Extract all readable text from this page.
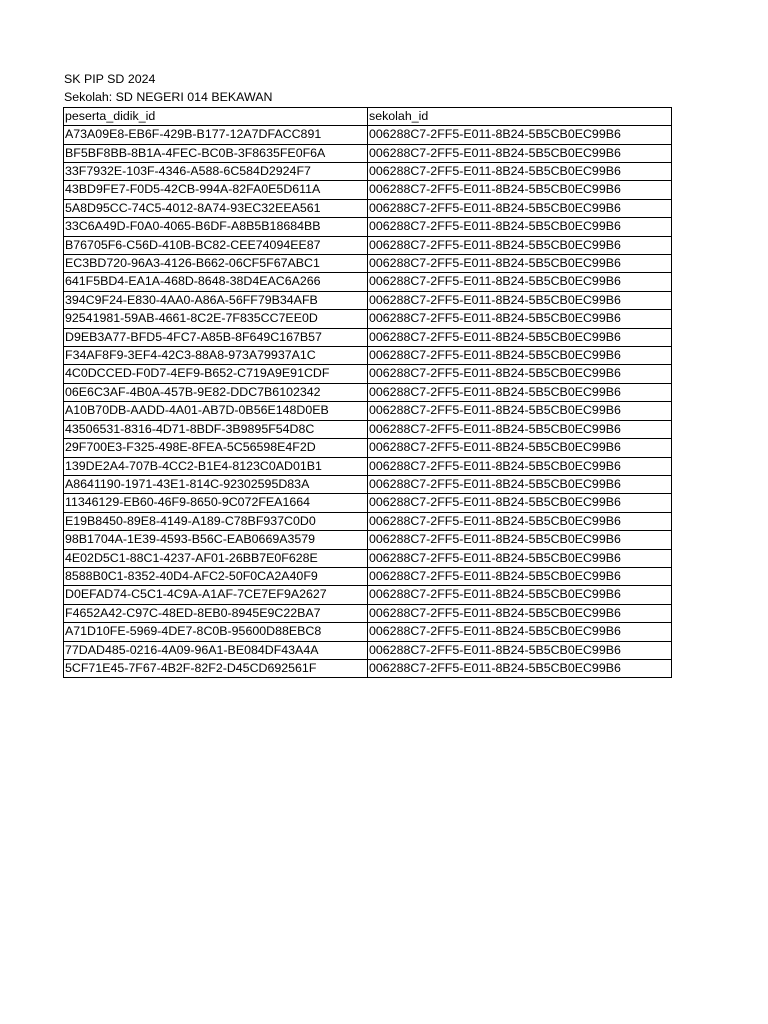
SK PIP SD 2024
Sekolah: SD NEGERI 014 BEKAWAN
peserta_didik_id	sekolah_id
A73A09E8-EB6F-429B-B177-12A7DFACC891	006288C7-2FF5-E011-8B24-5B5CB0EC99B6
BF5BF8BB-8B1A-4FEC-BC0B-3F8635FE0F6A	006288C7-2FF5-E011-8B24-5B5CB0EC99B6
33F7932E-103F-4346-A588-6C584D2924F7	006288C7-2FF5-E011-8B24-5B5CB0EC99B6
43BD9FE7-F0D5-42CB-994A-82FA0E5D611A	006288C7-2FF5-E011-8B24-5B5CB0EC99B6
5A8D95CC-74C5-4012-8A74-93EC32EEA561	006288C7-2FF5-E011-8B24-5B5CB0EC99B6
33C6A49D-F0A0-4065-B6DF-A8B5B18684BB	006288C7-2FF5-E011-8B24-5B5CB0EC99B6
B76705F6-C56D-410B-BC82-CEE74094EE87	006288C7-2FF5-E011-8B24-5B5CB0EC99B6
EC3BD720-96A3-4126-B662-06CF5F67ABC1	006288C7-2FF5-E011-8B24-5B5CB0EC99B6
641F5BD4-EA1A-468D-8648-38D4EAC6A266	006288C7-2FF5-E011-8B24-5B5CB0EC99B6
394C9F24-E830-4AA0-A86A-56FF79B34AFB	006288C7-2FF5-E011-8B24-5B5CB0EC99B6
92541981-59AB-4661-8C2E-7F835CC7EE0D	006288C7-2FF5-E011-8B24-5B5CB0EC99B6
D9EB3A77-BFD5-4FC7-A85B-8F649C167B57	006288C7-2FF5-E011-8B24-5B5CB0EC99B6
F34AF8F9-3EF4-42C3-88A8-973A79937A1C	006288C7-2FF5-E011-8B24-5B5CB0EC99B6
4C0DCCED-F0D7-4EF9-B652-C719A9E91CDF	006288C7-2FF5-E011-8B24-5B5CB0EC99B6
06E6C3AF-4B0A-457B-9E82-DDC7B6102342	006288C7-2FF5-E011-8B24-5B5CB0EC99B6
A10B70DB-AADD-4A01-AB7D-0B56E148D0EB	006288C7-2FF5-E011-8B24-5B5CB0EC99B6
43506531-8316-4D71-8BDF-3B9895F54D8C	006288C7-2FF5-E011-8B24-5B5CB0EC99B6
29F700E3-F325-498E-8FEA-5C56598E4F2D	006288C7-2FF5-E011-8B24-5B5CB0EC99B6
139DE2A4-707B-4CC2-B1E4-8123C0AD01B1	006288C7-2FF5-E011-8B24-5B5CB0EC99B6
A8641190-1971-43E1-814C-92302595D83A	006288C7-2FF5-E011-8B24-5B5CB0EC99B6
11346129-EB60-46F9-8650-9C072FEA1664	006288C7-2FF5-E011-8B24-5B5CB0EC99B6
E19B8450-89E8-4149-A189-C78BF937C0D0	006288C7-2FF5-E011-8B24-5B5CB0EC99B6
98B1704A-1E39-4593-B56C-EAB0669A3579	006288C7-2FF5-E011-8B24-5B5CB0EC99B6
4E02D5C1-88C1-4237-AF01-26BB7E0F628E	006288C7-2FF5-E011-8B24-5B5CB0EC99B6
8588B0C1-8352-40D4-AFC2-50F0CA2A40F9	006288C7-2FF5-E011-8B24-5B5CB0EC99B6
D0EFAD74-C5C1-4C9A-A1AF-7CE7EF9A2627	006288C7-2FF5-E011-8B24-5B5CB0EC99B6
F4652A42-C97C-48ED-8EB0-8945E9C22BA7	006288C7-2FF5-E011-8B24-5B5CB0EC99B6
A71D10FE-5969-4DE7-8C0B-95600D88EBC8	006288C7-2FF5-E011-8B24-5B5CB0EC99B6
77DAD485-0216-4A09-96A1-BE084DF43A4A	006288C7-2FF5-E011-8B24-5B5CB0EC99B6
5CF71E45-7F67-4B2F-82F2-D45CD692561F	006288C7-2FF5-E011-8B24-5B5CB0EC99B6
